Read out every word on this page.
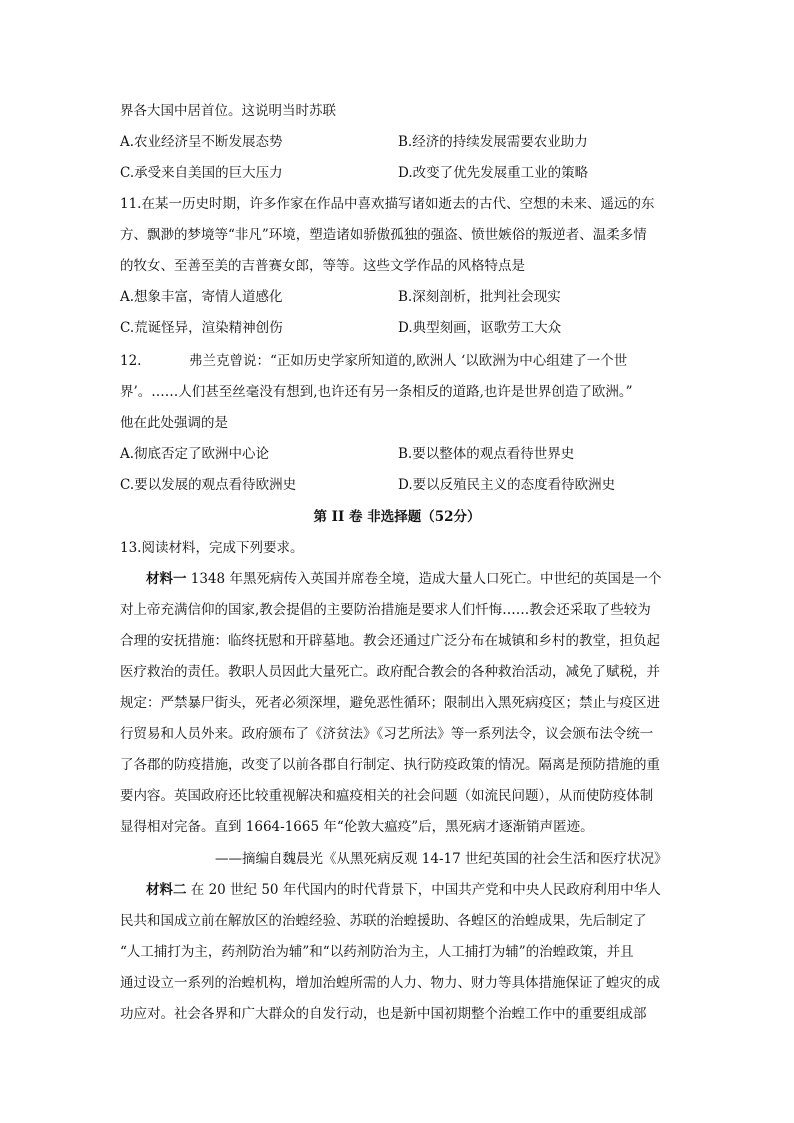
界各大国中居首位。这说明当时苏联
A.农业经济呈不断发展态势	B.经济的持续发展需要农业助力
C.承受来自美国的巨大压力	D.改变了优先发展重工业的策略
11.在某一历史时期，许多作家在作品中喜欢描写诸如逝去的古代、空想的未来、遥远的东
方、飘渺的梦境等“非凡”环境，塑造诸如骄傲孤独的强盗、愤世嫉俗的叛逆者、温柔多情
的牧女、至善至美的吉普赛女郎，等等。这些文学作品的风格特点是
A.想象丰富，寄情人道感化	B.深刻剖析，批判社会现实
C.荒诞怪异，渲染精神创伤	D.典型刻画，讴歌劳工大众
12.	弗兰克曾说：“正如历史学家所知道的,欧洲人 ‘以欧洲为中心组建了一个世
界’。……人们甚至丝毫没有想到,也许还有另一条相反的道路,也许是世界创造了欧洲。”
他在此处强调的是
A.彻底否定了欧洲中心论	B.要以整体的观点看待世界史
C.要以发展的观点看待欧洲史	D.要以反殖民主义的态度看待欧洲史
第 II 卷 非选择题（52分）
13.阅读材料，完成下列要求。
材料一 1348 年黑死病传入英国并席卷全境，造成大量人口死亡。中世纪的英国是一个
对上帝充满信仰的国家,教会提倡的主要防治措施是要求人们忏悔……教会还采取了些较为
合理的安抚措施：临终抚慰和开辟墓地。教会还通过广泛分布在城镇和乡村的教堂，担负起
医疗救治的责任。教职人员因此大量死亡。政府配合教会的各种救治活动，减免了赋税，并
规定：严禁暴尸街头，死者必须深埋，避免恶性循环；限制出入黑死病疫区；禁止与疫区进
行贸易和人员外来。政府颁布了《济贫法》《习艺所法》等一系列法令，议会颁布法令统一
了各郡的防疫措施，改变了以前各郡自行制定、执行防疫政策的情况。隔离是预防措施的重
要内容。英国政府还比较重视解决和瘟疫相关的社会问题（如流民问题），从而使防疫体制
显得相对完备。直到 1664-1665 年“伦敦大瘟疫”后，黑死病才逐渐销声匿迹。
——摘编自魏晨光《从黑死病反观 14-17 世纪英国的社会生活和医疗状况》
材料二 在 20 世纪 50 年代国内的时代背景下，中国共产党和中央人民政府利用中华人
民共和国成立前在解放区的治蝗经验、苏联的治蝗援助、各蝗区的治蝗成果，先后制定了
“人工捕打为主，药剂防治为辅”和“以药剂防治为主，人工捕打为辅”的治蝗政策，并且
通过设立一系列的治蝗机构，增加治蝗所需的人力、物力、财力等具体措施保证了蝗灾的成
功应对。社会各界和广大群众的自发行动，也是新中国初期整个治蝗工作中的重要组成部
